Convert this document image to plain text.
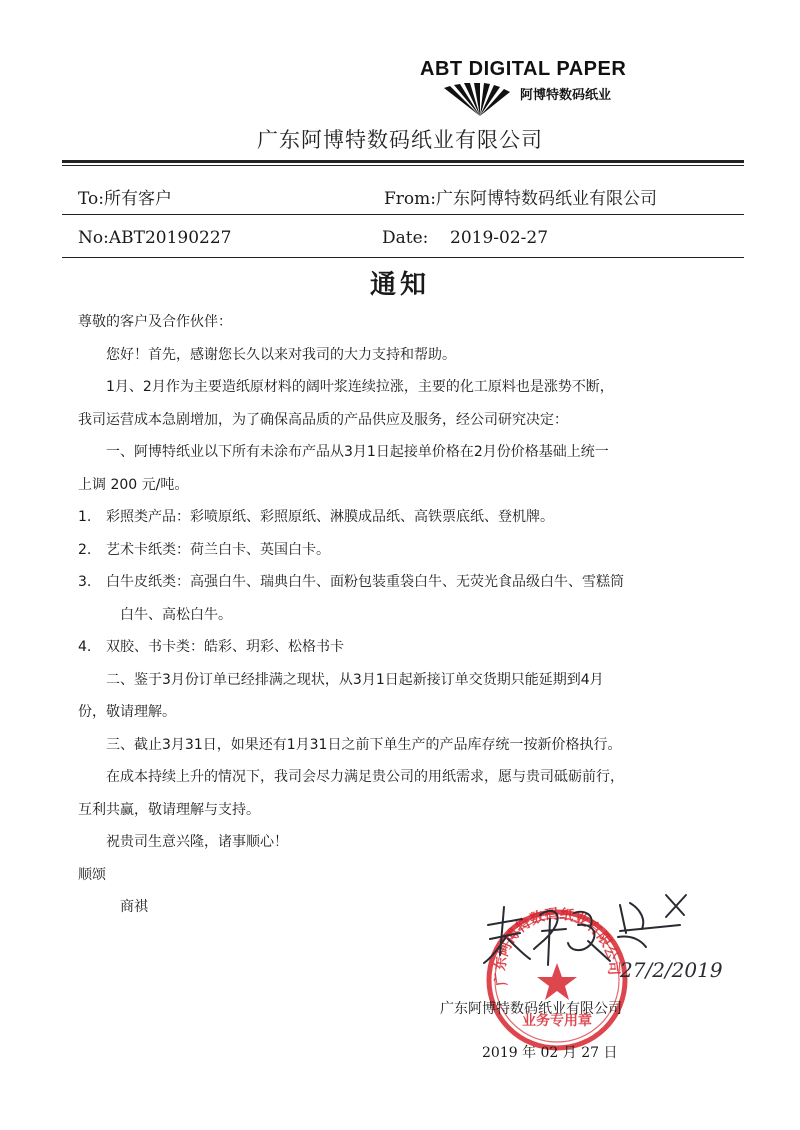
ABT DIGITAL PAPER
阿博特数码纸业
广东阿博特数码纸业有限公司
To:所有客户	From:广东阿博特数码纸业有限公司
No:ABT20190227	Date: 2019-02-27
通知
尊敬的客户及合作伙伴：
您好！首先，感谢您长久以来对我司的大力支持和帮助。
1月、2月作为主要造纸原材料的阔叶浆连续拉涨，主要的化工原料也是涨势不断，
我司运营成本急剧增加，为了确保高品质的产品供应及服务，经公司研究决定：
一、阿博特纸业以下所有未涂布产品从3月1日起接单价格在2月份价格基础上统一
上调 200 元/吨。
1.	彩照类产品：彩喷原纸、彩照原纸、淋膜成品纸、高铁票底纸、登机牌。
2.	艺术卡纸类：荷兰白卡、英国白卡。
3.	白牛皮纸类：高强白牛、瑞典白牛、面粉包装重袋白牛、无荧光食品级白牛、雪糕筒
白牛、高松白牛。
4.	双胶、书卡类：皓彩、玥彩、松格书卡
二、鉴于3月份订单已经排满之现状，从3月1日起新接订单交货期只能延期到4月
份，敬请理解。
三、截止3月31日，如果还有1月31日之前下单生产的产品库存统一按新价格执行。
在成本持续上升的情况下，我司会尽力满足贵公司的用纸需求，愿与贵司砥砺前行，
互利共赢，敬请理解与支持。
祝贵司生意兴隆，诸事顺心！
顺颂
商祺
广东阿博特数码纸业有限公司
业务专用章
27/2/2019
广东阿博特数码纸业有限公司
2019 年 02 月 27 日
